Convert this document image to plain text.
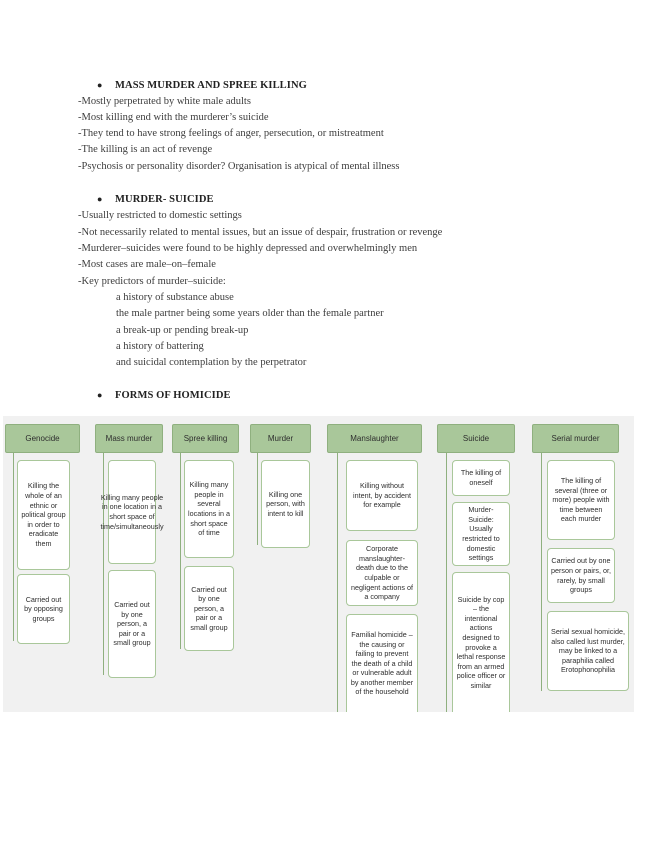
● MASS MURDER AND SPREE KILLING
-Mostly perpetrated by white male adults
-Most killing end with the murderer’s suicide
-They tend to have strong feelings of anger, persecution, or mistreatment
-The killing is an act of revenge
-Psychosis or personality disorder? Organisation is atypical of mental illness
● MURDER- SUICIDE
-Usually restricted to domestic settings
-Not necessarily related to mental issues, but an issue of despair, frustration or revenge
-Murderer–suicides were found to be highly depressed and overwhelmingly men
-Most cases are male–on–female
-Key predictors of murder–suicide:
a history of substance abuse
the male partner being some years older than the female partner
a break-up or pending break-up
a history of battering
and suicidal contemplation by the perpetrator
● FORMS OF HOMICIDE
Genocide
Killing the whole of an ethnic or political group in order to eradicate them
Carried out by opposing groups
Mass murder
Killing many people in one location in a short space of time/simultaneously
Carried out by one person, a pair or a small group
Spree killing
Killing many people in several locations in a short space of time
Carried out by one person, a pair or a small group
Murder
Killing one person, with intent to kill
Manslaughter
Killing without intent, by accident for example
Corporate manslaughter- death due to the culpable or negligent actions of a company
Familial homicide – the causing or failing to prevent the death of a child or vulnerable adult by another member of the household
Suicide
The killing of oneself
Murder-Suicide: Usually restricted to domestic settings
Suicide by cop – the intentional actions designed to provoke a lethal response from an armed police officer or similar
Serial murder
The killing of several (three or more) people with time between each murder
Carried out by one person or pairs, or, rarely, by small groups
Serial sexual homicide, also called lust murder, may be linked to a paraphilia called Erotophonophilia
